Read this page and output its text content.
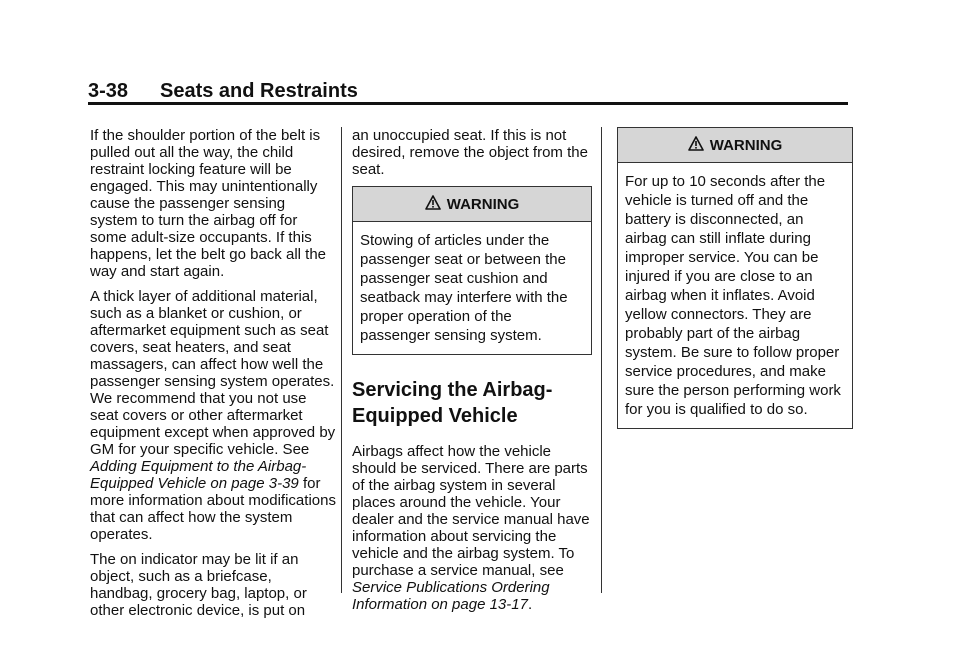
3-38 Seats and Restraints

If the shoulder portion of the belt is pulled out all the way, the child restraint locking feature will be engaged. This may unintentionally cause the passenger sensing system to turn the airbag off for some adult-size occupants. If this happens, let the belt go back all the way and start again.

A thick layer of additional material, such as a blanket or cushion, or aftermarket equipment such as seat covers, seat heaters, and seat massagers, can affect how well the passenger sensing system operates. We recommend that you not use seat covers or other aftermarket equipment except when approved by GM for your specific vehicle. See Adding Equipment to the Airbag-Equipped Vehicle on page 3-39 for more information about modifications that can affect how the system operates.

The on indicator may be lit if an object, such as a briefcase, handbag, grocery bag, laptop, or other electronic device, is put on

an unoccupied seat. If this is not desired, remove the object from the seat.

WARNING
Stowing of articles under the passenger seat or between the passenger seat cushion and seatback may interfere with the proper operation of the passenger sensing system.
Servicing the Airbag-Equipped Vehicle

Airbags affect how the vehicle should be serviced. There are parts of the airbag system in several places around the vehicle. Your dealer and the service manual have information about servicing the vehicle and the airbag system. To purchase a service manual, see Service Publications Ordering Information on page 13-17.

WARNING
For up to 10 seconds after the vehicle is turned off and the battery is disconnected, an airbag can still inflate during improper service. You can be injured if you are close to an airbag when it inflates. Avoid yellow connectors. They are probably part of the airbag system. Be sure to follow proper service procedures, and make sure the person performing work for you is qualified to do so.
